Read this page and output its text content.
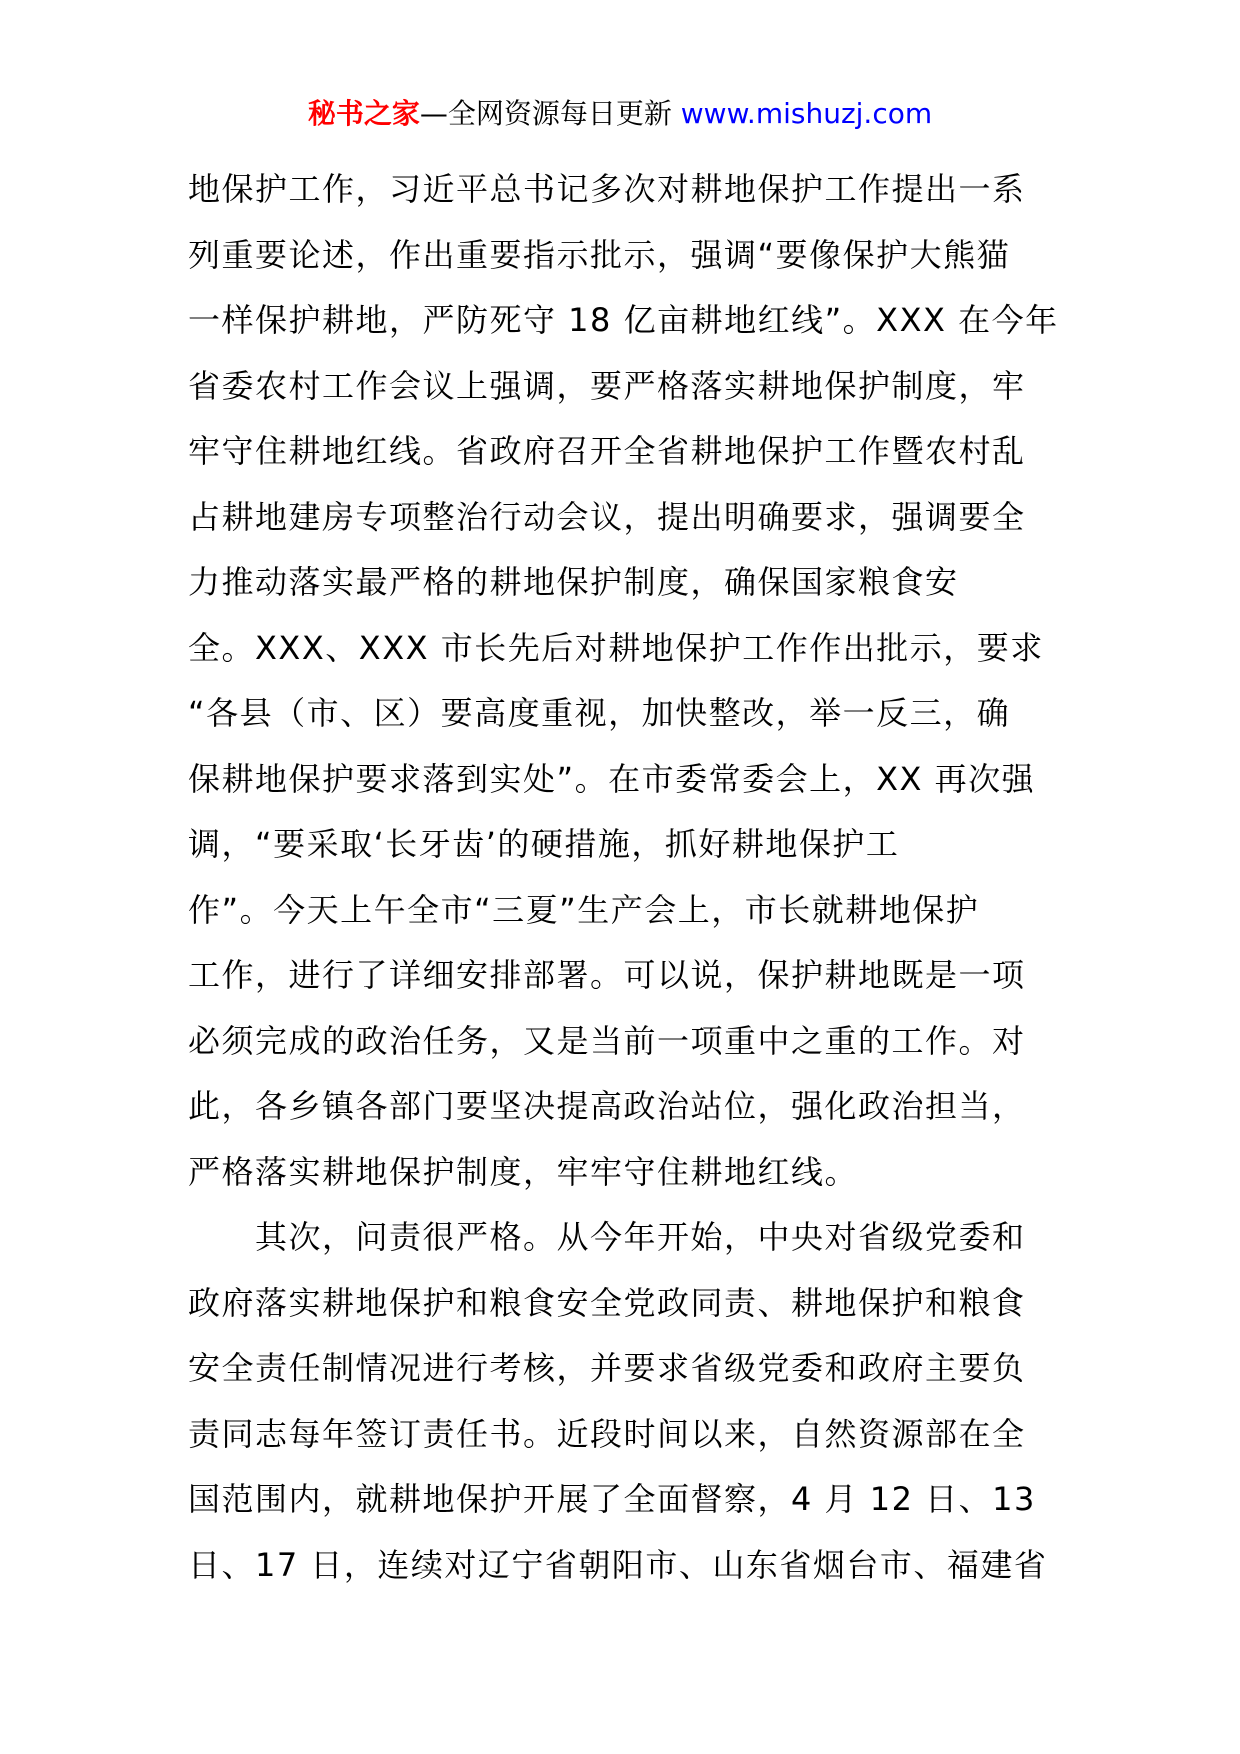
秘书之家—全网资源每日更新 www.mishuzj.com
地保护工作，习近平总书记多次对耕地保护工作提出一系
列重要论述，作出重要指示批示，强调“要像保护大熊猫
一样保护耕地，严防死守 18 亿亩耕地红线”。XXX 在今年
省委农村工作会议上强调，要严格落实耕地保护制度，牢
牢守住耕地红线。省政府召开全省耕地保护工作暨农村乱
占耕地建房专项整治行动会议，提出明确要求，强调要全
力推动落实最严格的耕地保护制度，确保国家粮食安
全。XXX、XXX 市长先后对耕地保护工作作出批示，要求
“各县（市、区）要高度重视，加快整改，举一反三，确
保耕地保护要求落到实处”。在市委常委会上，XX 再次强
调，“要采取‘长牙齿’的硬措施，抓好耕地保护工
作”。今天上午全市“三夏”生产会上，市长就耕地保护
工作，进行了详细安排部署。可以说，保护耕地既是一项
必须完成的政治任务，又是当前一项重中之重的工作。对
此，各乡镇各部门要坚决提高政治站位，强化政治担当，
严格落实耕地保护制度，牢牢守住耕地红线。
　　其次，问责很严格。从今年开始，中央对省级党委和
政府落实耕地保护和粮食安全党政同责、耕地保护和粮食
安全责任制情况进行考核，并要求省级党委和政府主要负
责同志每年签订责任书。近段时间以来，自然资源部在全
国范围内，就耕地保护开展了全面督察，4 月 12 日、13
日、17 日，连续对辽宁省朝阳市、山东省烟台市、福建省
